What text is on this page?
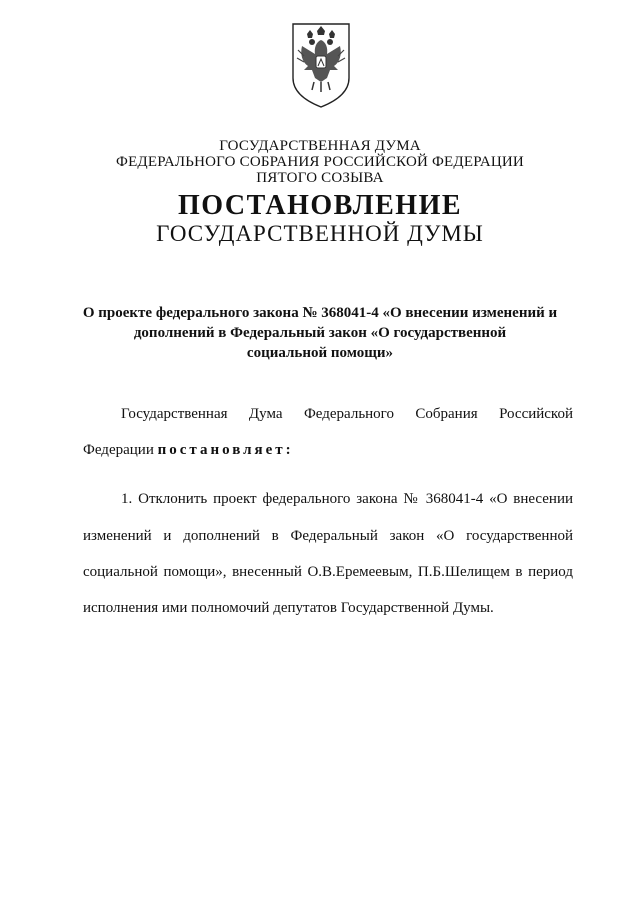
ГОСУДАРСТВЕННАЯ ДУМА
ФЕДЕРАЛЬНОГО СОБРАНИЯ РОССИЙСКОЙ ФЕДЕРАЦИИ
ПЯТОГО СОЗЫВА
ПОСТАНОВЛЕНИЕ
ГОСУДАРСТВЕННОЙ ДУМЫ
О проекте федерального закона № 368041-4 «О внесении изменений и
дополнений в Федеральный закон «О государственной
социальной помощи»
Государственная Дума Федерального Собрания Российской
Федерации постановляет:
1. Отклонить проект федерального закона № 368041-4 «О внесении
изменений и дополнений в Федеральный закон «О государственной
социальной помощи», внесенный О.В.Еремеевым, П.Б.Шелищем в период
исполнения ими полномочий депутатов Государственной Думы.
